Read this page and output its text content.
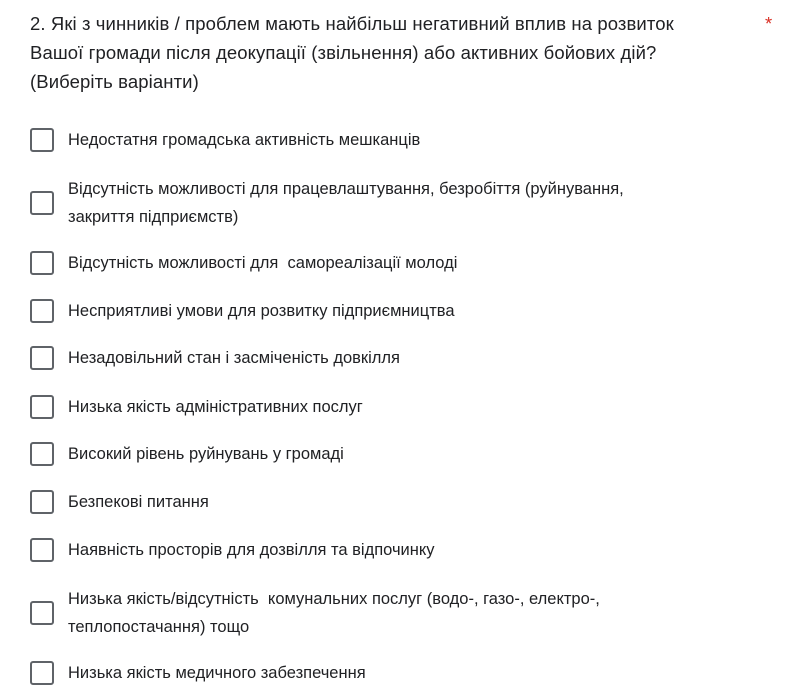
2. Які з чинників / проблем мають найбільш негативний вплив на розвиток
Вашої громади після деокупації (звільнення) або активних бойових дій?
(Виберіть варіанти)
*
Недостатня громадська активність мешканців
Відсутність можливості для працевлаштування, безробіття (руйнування,
закриття підприємств)
Відсутність можливості для  самореалізації молоді
Несприятливі умови для розвитку підприємництва
Незадовільний стан і засміченість довкілля
Низька якість адміністративних послуг
Високий рівень руйнувань у громаді
Безпекові питання
Наявність просторів для дозвілля та відпочинку
Низька якість/відсутність  комунальних послуг (водо-, газо-, електро-,
теплопостачання) тощо
Низька якість медичного забезпечення
